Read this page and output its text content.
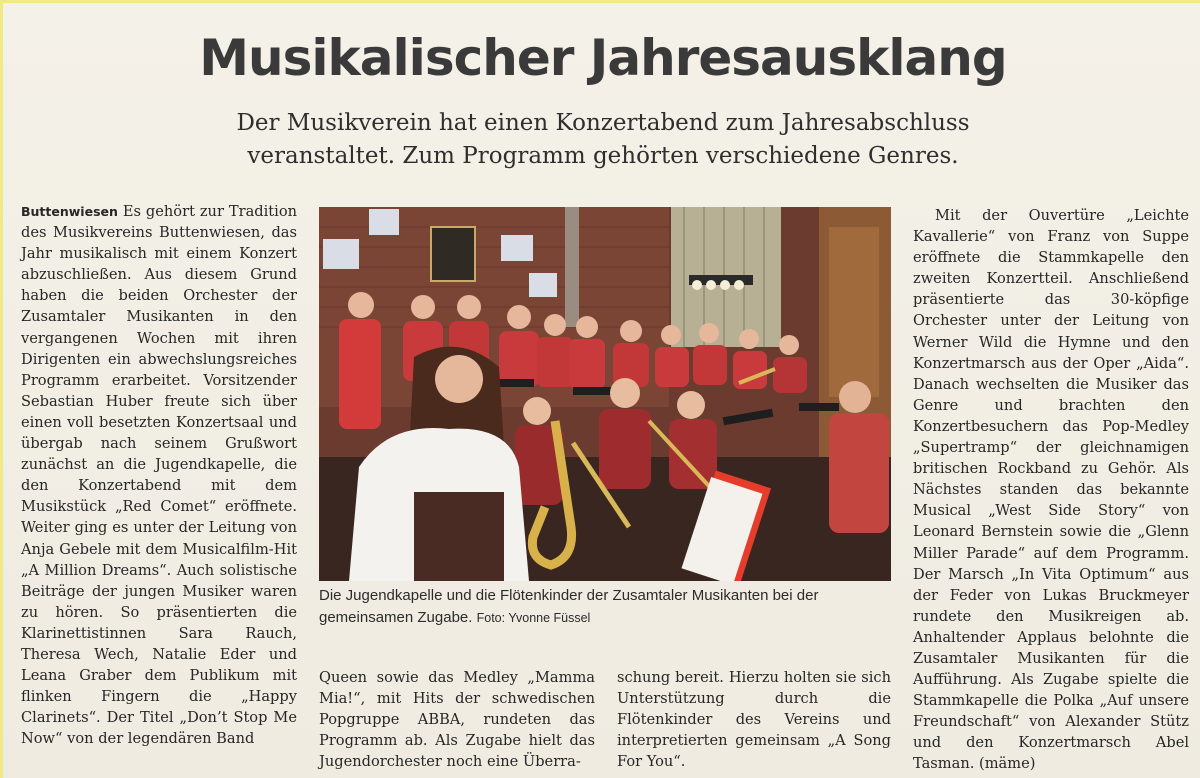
Musikalischer Jahresausklang
Der Musikverein hat einen Konzertabend zum Jahresabschluss
veranstaltet. Zum Programm gehörten verschiedene Genres.

Buttenwiesen Es gehört zur Tradition des Musikvereins Buttenwiesen, das Jahr musikalisch mit einem Konzert abzuschließen. Aus diesem Grund haben die beiden Orchester der Zusamtaler Musikanten in den vergangenen Wochen mit ihren Dirigenten ein abwechslungsreiches Programm erarbeitet. Vorsitzender Sebastian Huber freute sich über einen voll besetzten Konzertsaal und übergab nach seinem Grußwort zunächst an die Jugendkapelle, die den Konzertabend mit dem Musikstück „Red Comet“ eröffnete. Weiter ging es unter der Leitung von Anja Gebele mit dem Musicalfilm-Hit „A Million Dreams“. Auch solistische Beiträge der jungen Musiker waren zu hören. So präsentierten die Klarinettistinnen Sara Rauch, Theresa Wech, Natalie Eder und Leana Graber dem Publikum mit flinken Fingern die „Happy Clarinets“. Der Titel „Don’t Stop Me Now“ von der legendären Band

Die Jugendkapelle und die Flötenkinder der Zusamtaler Musikanten bei der gemeinsamen Zugabe. Foto: Yvonne Füssel

Queen sowie das Medley „Mamma Mia!“, mit Hits der schwedischen Popgruppe ABBA, rundeten das Programm ab. Als Zugabe hielt das Jugendorchester noch eine Überra-

schung bereit. Hierzu holten sie sich Unterstützung durch die Flötenkinder des Vereins und interpretierten gemeinsam „A Song For You“.

Mit der Ouvertüre „Leichte Kavallerie“ von Franz von Suppe eröffnete die Stammkapelle den zweiten Konzertteil. Anschließend präsentierte das 30-köpfige Orchester unter der Leitung von Werner Wild die Hymne und den Konzertmarsch aus der Oper „Aida“. Danach wechselten die Musiker das Genre und brachten den Konzertbesuchern das Pop-Medley „Supertramp“ der gleichnamigen britischen Rockband zu Gehör. Als Nächstes standen das bekannte Musical „West Side Story“ von Leonard Bernstein sowie die „Glenn Miller Parade“ auf dem Programm. Der Marsch „In Vita Optimum“ aus der Feder von Lukas Bruckmeyer rundete den Musikreigen ab. Anhaltender Applaus belohnte die Zusamtaler Musikanten für die Aufführung. Als Zugabe spielte die Stammkapelle die Polka „Auf unsere Freundschaft“ von Alexander Stütz und den Konzertmarsch Abel Tasman. (mäme)
